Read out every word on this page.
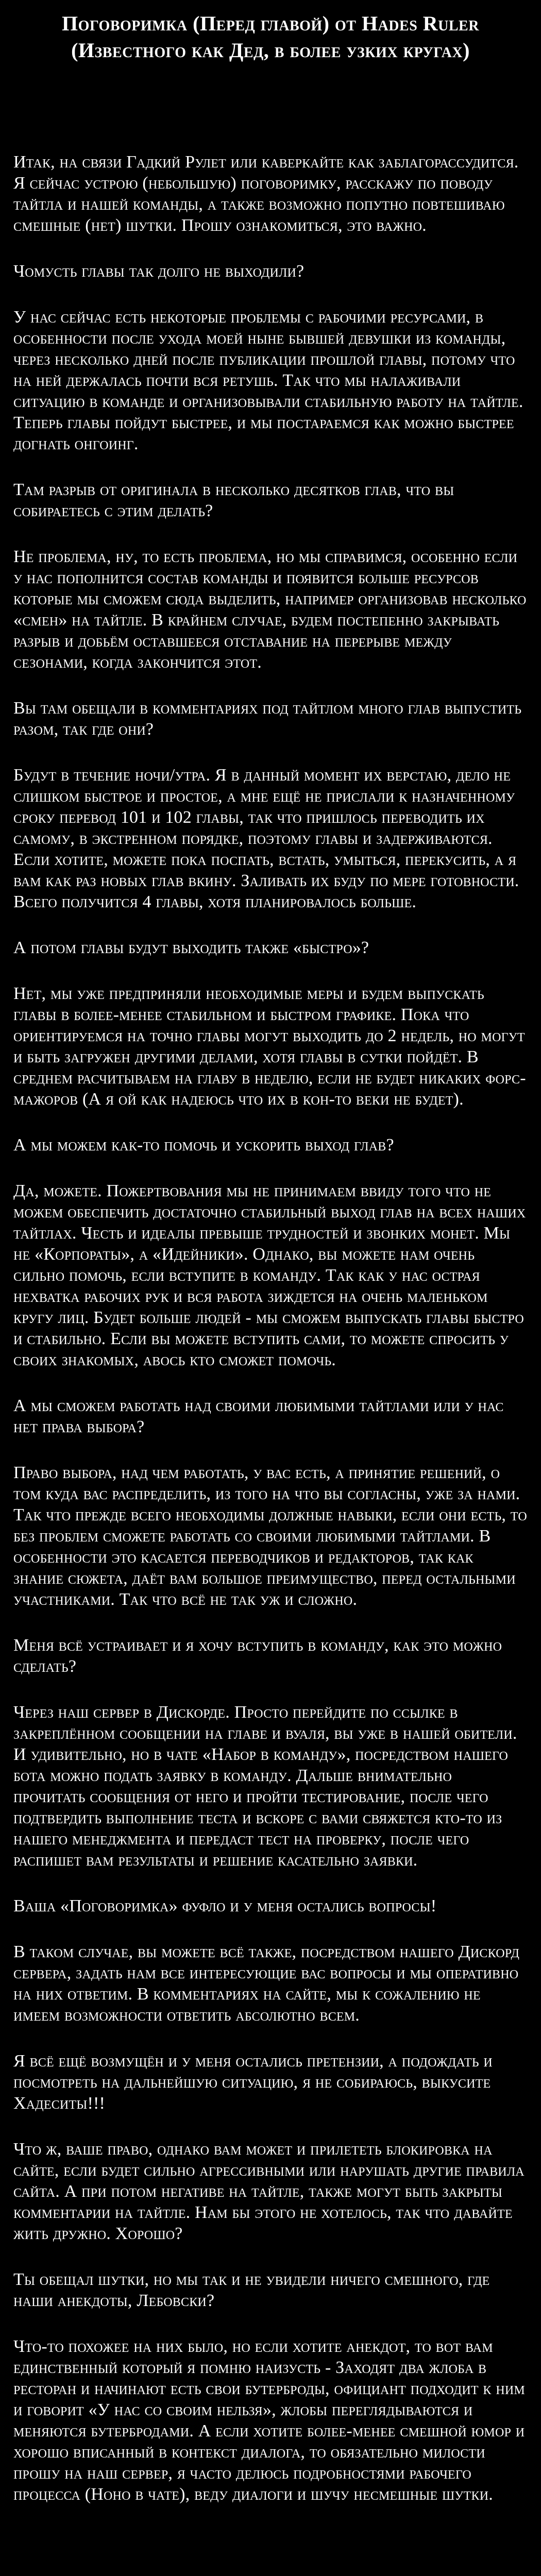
Поговоримка (Перед главой) от Hades Ruler
(Известного как Дед, в более узких кругах)

Итак, на связи Гадкий Рулет или каверкайте как заблагорассудится. Я сейчас устрою (небольшую) поговоримку, расскажу по поводу тайтла и нашей команды, а также возможно попутно повтешиваю смешные (нет) шутки. Прошу ознакомиться, это важно.

Чомусть главы так долго не выходили?

У нас сейчас есть некоторые проблемы с рабочими ресурсами, в особенности после ухода моей ныне бывшей девушки из команды, через несколько дней после публикации прошлой главы, потому что на ней держалась почти вся ретушь. Так что мы налаживали ситуацию в команде и организовывали стабильную работу на тайтле. Теперь главы пойдут быстрее, и мы постараемся как можно быстрее догнать онгоинг.

Там разрыв от оригинала в несколько десятков глав, что вы собираетесь с этим делать?

Не проблема, ну, то есть проблема, но мы справимся, особенно если у нас пополнится состав команды и появится больше ресурсов которые мы сможем сюда выделить, например организовав несколько «смен» на тайтле. В крайнем случае, будем постепенно закрывать разрыв и добьём оставшееся отставание на перерыве между сезонами, когда закончится этот.

Вы там обещали в комментариях под тайтлом много глав выпустить разом, так где они?

Будут в течение ночи/утра. Я в данный момент их верстаю, дело не слишком быстрое и простое, а мне ещё не прислали к назначенному сроку перевод 101 и 102 главы, так что пришлось переводить их самому, в экстренном порядке, поэтому главы и задерживаются. Если хотите, можете пока поспать, встать, умыться, перекусить, а я вам как раз новых глав вкину. Заливать их буду по мере готовности. Всего получится 4 главы, хотя планировалось больше.

А потом главы будут выходить также «быстро»?

Нет, мы уже предприняли необходимые меры и будем выпускать главы в более-менее стабильном и быстром графике. Пока что ориентируемся на точно главы могут выходить до 2 недель, но могут и быть загружен другими делами, хотя главы в сутки пойдёт. В среднем расчитываем на главу в неделю, если не будет никаких форс-мажоров (А я ой как надеюсь что их в кон-то веки не будет).

А мы можем как-то помочь и ускорить выход глав?

Да, можете. Пожертвования мы не принимаем ввиду того что не можем обеспечить достаточно стабильный выход глав на всех наших тайтлах. Честь и идеалы превыше трудностей и звонких монет. Мы не «Корпораты», а «Идейники». Однако, вы можете нам очень сильно помочь, если вступите в команду. Так как у нас острая нехватка рабочих рук и вся работа зиждется на очень маленьком кругу лиц. Будет больше людей - мы сможем выпускать главы быстро и стабильно. Если вы можете вступить сами, то можете спросить у своих знакомых, авось кто сможет помочь.

А мы сможем работать над своими любимыми тайтлами или у нас нет права выбора?

Право выбора, над чем работать, у вас есть, а принятие решений, о том куда вас распределить, из того на что вы согласны, уже за нами. Так что прежде всего необходимы должные навыки, если они есть, то без проблем сможете работать со своими любимыми тайтлами. В особенности это касается переводчиков и редакторов, так как знание сюжета, даёт вам большое преимущество, перед остальными участниками. Так что всё не так уж и сложно.

Меня всё устраивает и я хочу вступить в команду, как это можно сделать?

Через наш сервер в Дискорде. Просто перейдите по ссылке в закреплённом сообщении на главе и вуаля, вы уже в нашей обители. И удивительно, но в чате «Набор в команду», посредством нашего бота можно подать заявку в команду. Дальше внимательно прочитать сообщения от него и пройти тестирование, после чего подтвердить выполнение теста и вскоре с вами свяжется кто-то из нашего менеджмента и передаст тест на проверку, после чего распишет вам результаты и решение касательно заявки.

Ваша «Поговоримка» фуфло и у меня остались вопросы!

В таком случае, вы можете всё также, посредством нашего Дискорд сервера, задать нам все интересующие вас вопросы и мы оперативно на них ответим. В комментариях на сайте, мы к сожалению не имеем возможности ответить абсолютно всем.

Я всё ещё возмущён и у меня остались претензии, а подождать и посмотреть на дальнейшую ситуацию, я не собираюсь, выкусите Хадеситы!!!

Что ж, ваше право, однако вам может и прилететь блокировка на сайте, если будет сильно агрессивными или нарушать другие правила сайта. А при потом негативе на тайтле, также могут быть закрыты комментарии на тайтле. Нам бы этого не хотелось, так что давайте жить дружно. Хорошо?

Ты обещал шутки, но мы так и не увидели ничего смешного, где наши анекдоты, Лебовски?

Что-то похожее на них было, но если хотите анекдот, то вот вам единственный который я помню наизусть - Заходят два жлоба в ресторан и начинают есть свои бутерброды, официант подходит к ним и говорит «У нас со своим нельзя», жлобы переглядываются и меняются бутербродами. А если хотите более-менее смешной юмор и хорошо вписанный в контекст диалога, то обязательно милости прошу на наш сервер, я часто делюсь подробностями рабочего процесса (Ноно в чате), веду диалоги и шучу несмешные шутки.
